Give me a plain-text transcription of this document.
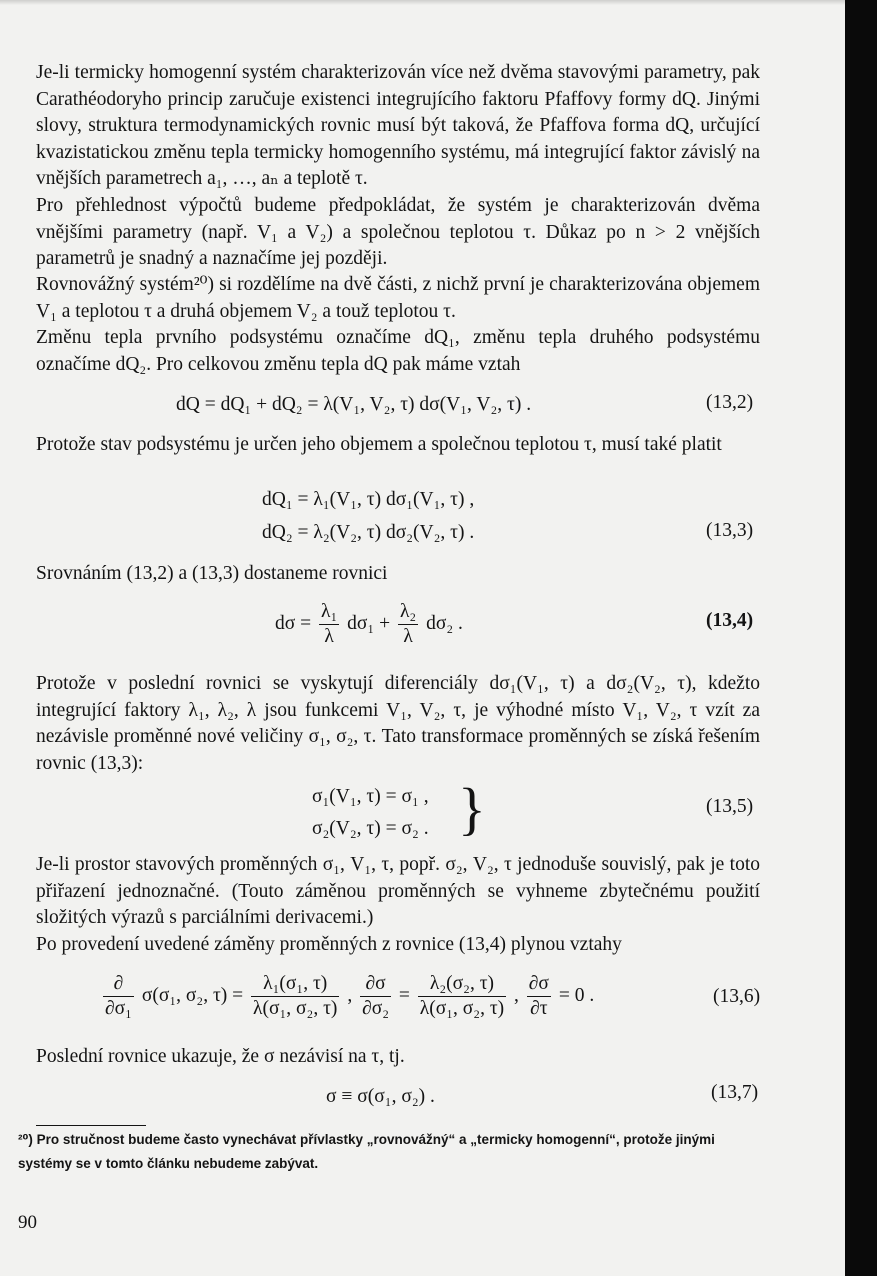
Je-li termicky homogenní systém charakterizován více než dvěma stavovými parametry, pak Carathéodoryho princip zaručuje existenci integrujícího faktoru Pfaffovy formy dQ. Jinými slovy, struktura termodynamických rovnic musí být taková, že Pfaffova forma dQ, určující kvazistatickou změnu tepla termicky homogenního systému, má integrující faktor závislý na vnějších parametrech a₁, …, aₙ a teplotě τ.

Pro přehlednost výpočtů budeme předpokládat, že systém je charakterizován dvěma vnějšími parametry (např. V₁ a V₂) a společnou teplotou τ. Důkaz po n > 2 vnějších parametrů je snadný a naznačíme jej později.

Rovnovážný systém²⁰) si rozdělíme na dvě části, z nichž první je charakterizována objemem V₁ a teplotou τ a druhá objemem V₂ a touž teplotou τ.

Změnu tepla prvního podsystému označíme dQ₁, změnu tepla druhého podsystému označíme dQ₂. Pro celkovou změnu tepla dQ pak máme vztah

dQ = dQ₁ + dQ₂ = λ(V₁, V₂, τ) dσ(V₁, V₂, τ) .	(13,2)

Protože stav podsystému je určen jeho objemem a společnou teplotou τ, musí také platit

dQ₁ = λ₁(V₁, τ) dσ₁(V₁, τ) ,
dQ₂ = λ₂(V₂, τ) dσ₂(V₂, τ) .	(13,3)

Srovnáním (13,2) a (13,3) dostaneme rovnici

$d\sigma = \frac{\text{λ₁}}{\lambda} d\sigma_1 + \frac{\text{λ₂}}{\lambda} d\sigma_2$ .	(13,4)

Protože v poslední rovnici se vyskytují diferenciály dσ₁(V₁, τ) a dσ₂(V₂, τ), kdežto integrující faktory λ₁, λ₂, λ jsou funkcemi V₁, V₂, τ, je výhodné místo V₁, V₂, τ vzít za nezávisle proměnné nové veličiny σ₁, σ₂, τ. Tato transformace proměnných se získá řešením rovnic (13,3):

σ₁(V₁, τ) = σ₁ ,
σ₂(V₂, τ) = σ₂ . }	(13,5)

Je-li prostor stavových proměnných σ₁, V₁, τ, popř. σ₂, V₂, τ jednoduše souvislý, pak je toto přiřazení jednoznačné. (Touto záměnou proměnných se vyhneme zbytečnému použití složitých výrazů s parciálními derivacemi.)

Po provedení uvedené záměny proměnných z rovnice (13,4) plynou vztahy

$\frac{\partial}{\text{∂σ₁}} \sigma(\sigma_1$, σ₂, $\tau) = \frac{\text{λ₁(σ₁, τ)}}{\text{λ(σ₁, σ₂, τ)}}$ , $\frac{\partial\sigma}{\text{∂σ₂}} = \frac{\text{λ₂(σ₂, τ)}}{\text{λ(σ₁, σ₂, τ)}}$ , $\frac{\partial\sigma}{\partial\tau} = 0$ .	(13,6)

Poslední rovnice ukazuje, že σ nezávisí na τ, tj.

σ ≡ σ(σ₁, σ₂) .	(13,7)

²⁰) Pro stručnost budeme často vynechávat přívlastky „rovnovážný“ a „termicky homogenní“, protože jinými systémy se v tomto článku nebudeme zabývat.

90
